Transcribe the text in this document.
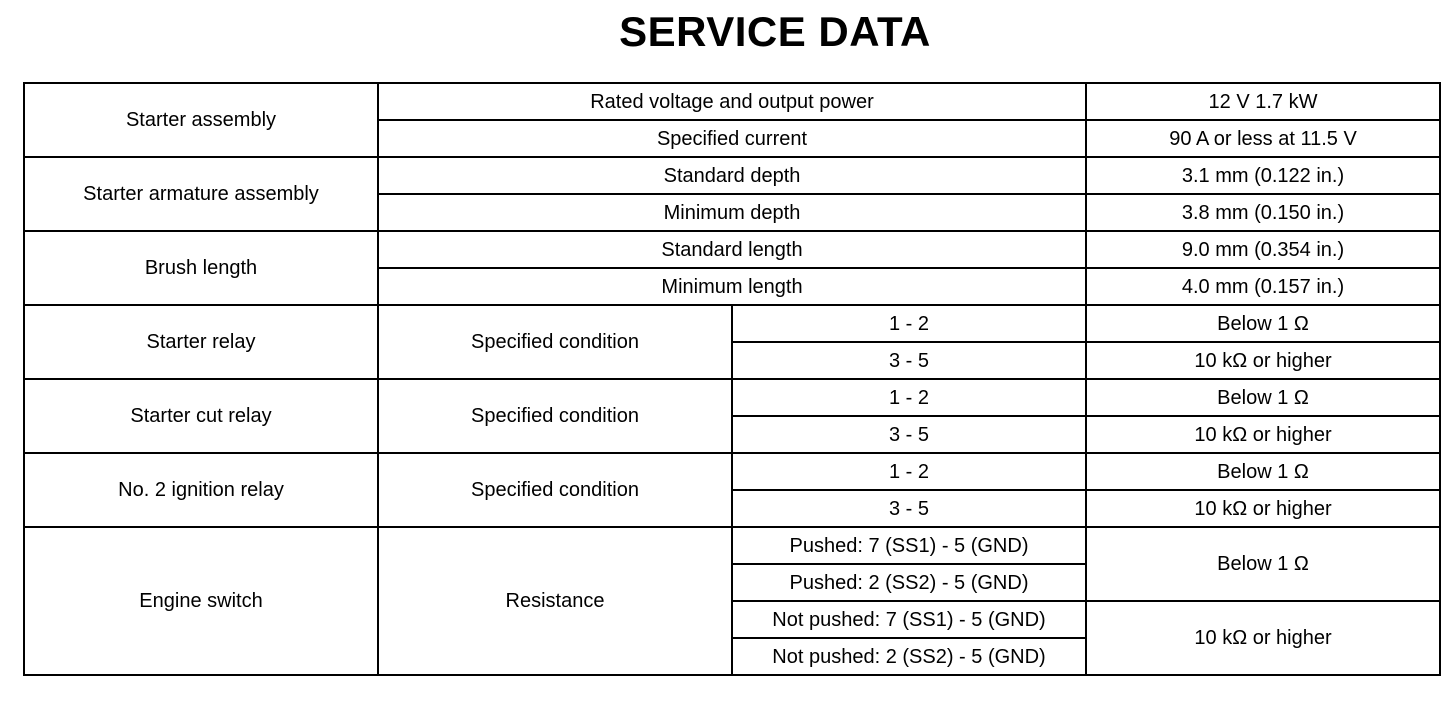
SERVICE DATA
Starter assembly	Rated voltage and output power		12 V 1.7 kW
	Specified current		90 A or less at 11.5 V
Starter armature assembly	Standard depth		3.1 mm (0.122 in.)
	Minimum depth		3.8 mm (0.150 in.)
Brush length	Standard length		9.0 mm (0.354 in.)
	Minimum length		4.0 mm (0.157 in.)
Starter relay	Specified condition	1 - 2	Below 1 Ω
		3 - 5	10 kΩ or higher
Starter cut relay	Specified condition	1 - 2	Below 1 Ω
		3 - 5	10 kΩ or higher
No. 2 ignition relay	Specified condition	1 - 2	Below 1 Ω
		3 - 5	10 kΩ or higher
Engine switch	Resistance	Pushed: 7 (SS1) - 5 (GND)	Below 1 Ω
		Pushed: 2 (SS2) - 5 (GND)	
		Not pushed: 7 (SS1) - 5 (GND)	10 kΩ or higher
		Not pushed: 2 (SS2) - 5 (GND)	
